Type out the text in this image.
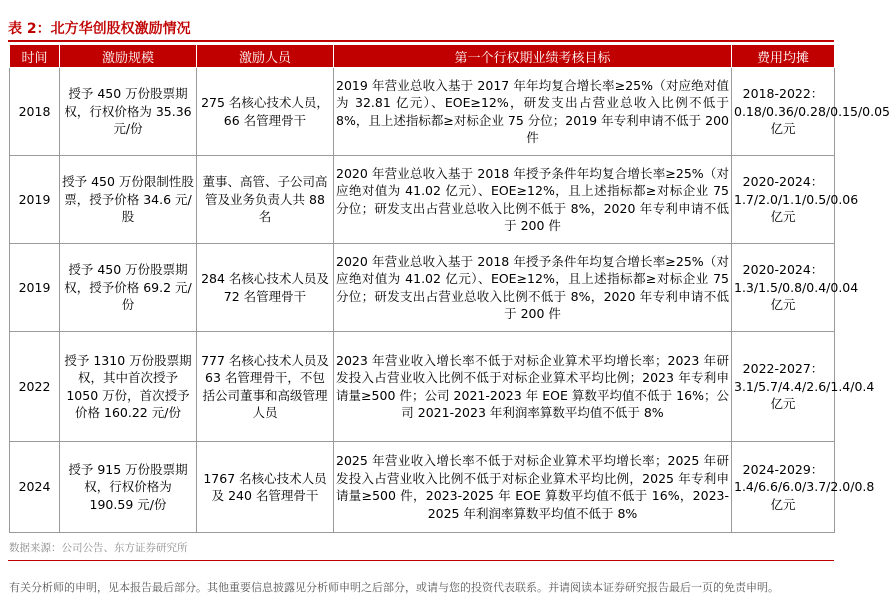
表 2：北方华创股权激励情况
时间	激励规模	激励人员	第一个行权期业绩考核目标	费用均摊
2018	授予 450 万份股票期权，行权价格为 35.36 元/份	275 名核心技术人员，66 名管理骨干	2019 年营业总收入基于 2017 年年均复合增长率≥25%（对应绝对值为 32.81 亿元）、EOE≥12%，研发支出占营业总收入比例不低于 8%，且上述指标都≥对标企业 75 分位；2019 年专利申请不低于 200 件	2018-2022：0.18/0.36/0.28/0.15/0.05 亿元
2019	授予 450 万份限制性股票，授予价格 34.6 元/股	董事、高管、子公司高管及业务负责人共 88 名	2020 年营业总收入基于 2018 年授予条件年均复合增长率≥25%（对应绝对值为 41.02 亿元）、EOE≥12%，且上述指标都≥对标企业 75 分位；研发支出占营业总收入比例不低于 8%，2020 年专利申请不低于 200 件	2020-2024：1.7/2.0/1.1/0.5/0.06 亿元
2019	授予 450 万份股票期权，授予价格 69.2 元/份	284 名核心技术人员及 72 名管理骨干	2020 年营业总收入基于 2018 年授予条件年均复合增长率≥25%（对应绝对值为 41.02 亿元）、EOE≥12%，且上述指标都≥对标企业 75 分位；研发支出占营业总收入比例不低于 8%，2020 年专利申请不低于 200 件	2020-2024：1.3/1.5/0.8/0.4/0.04 亿元
2022	授予 1310 万份股票期权，其中首次授予 1050 万份，首次授予价格 160.22 元/份	777 名核心技术人员及 63 名管理骨干，不包括公司董事和高级管理人员	2023 年营业收入增长率不低于对标企业算术平均增长率；2023 年研发投入占营业收入比例不低于对标企业算术平均比例；2023 年专利申请量≥500 件；公司 2021-2023 年 EOE 算数平均值不低于 16%；公司 2021-2023 年利润率算数平均值不低于 8%	2022-2027：3.1/5.7/4.4/2.6/1.4/0.4 亿元
2024	授予 915 万份股票期权，行权价格为 190.59 元/份	1767 名核心技术人员及 240 名管理骨干	2025 年营业收入增长率不低于对标企业算术平均增长率；2025 年研发投入占营业收入比例不低于对标企业算术平均比例，2025 年专利申请量≥500 件，2023-2025 年 EOE 算数平均值不低于 16%，2023-2025 年利润率算数平均值不低于 8%	2024-2029：1.4/6.6/6.0/3.7/2.0/0.8 亿元
数据来源：公司公告、东方证券研究所
有关分析师的申明，见本报告最后部分。其他重要信息披露见分析师申明之后部分，或请与您的投资代表联系。并请阅读本证券研究报告最后一页的免责申明。
